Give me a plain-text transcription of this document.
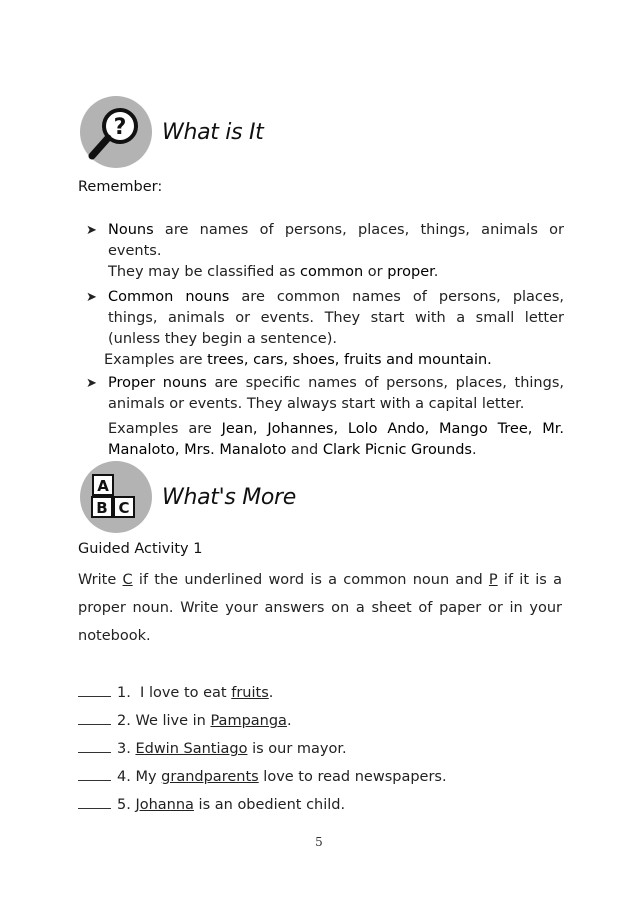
? What is It
Remember:
➤ Nouns are names of persons, places, things, animals or events.

They may be classified as common or proper.

➤ Common nouns are common names of persons, places, things, animals or events. They start with a small letter (unless they begin a sentence).

Examples are trees, cars, shoes, fruits and mountain.
➤ Proper nouns are specific names of persons, places, things, animals or events. They always start with a capital letter.

Examples are Jean, Johannes, Lolo Ando, Mango Tree, Mr. Manaloto, Mrs. Manaloto and Clark Picnic Grounds.

A
B C What's More
Guided Activity 1
Write C if the underlined word is a common noun and P if it is a proper noun. Write your answers on a sheet of paper or in your notebook.
1.
I love to eat fruits .
2.
We live in Pampanga .
3.
Edwin Santiago is our mayor.
4.
My grandparents love to read newspapers.
5.
Johanna is an obedient child.
5
